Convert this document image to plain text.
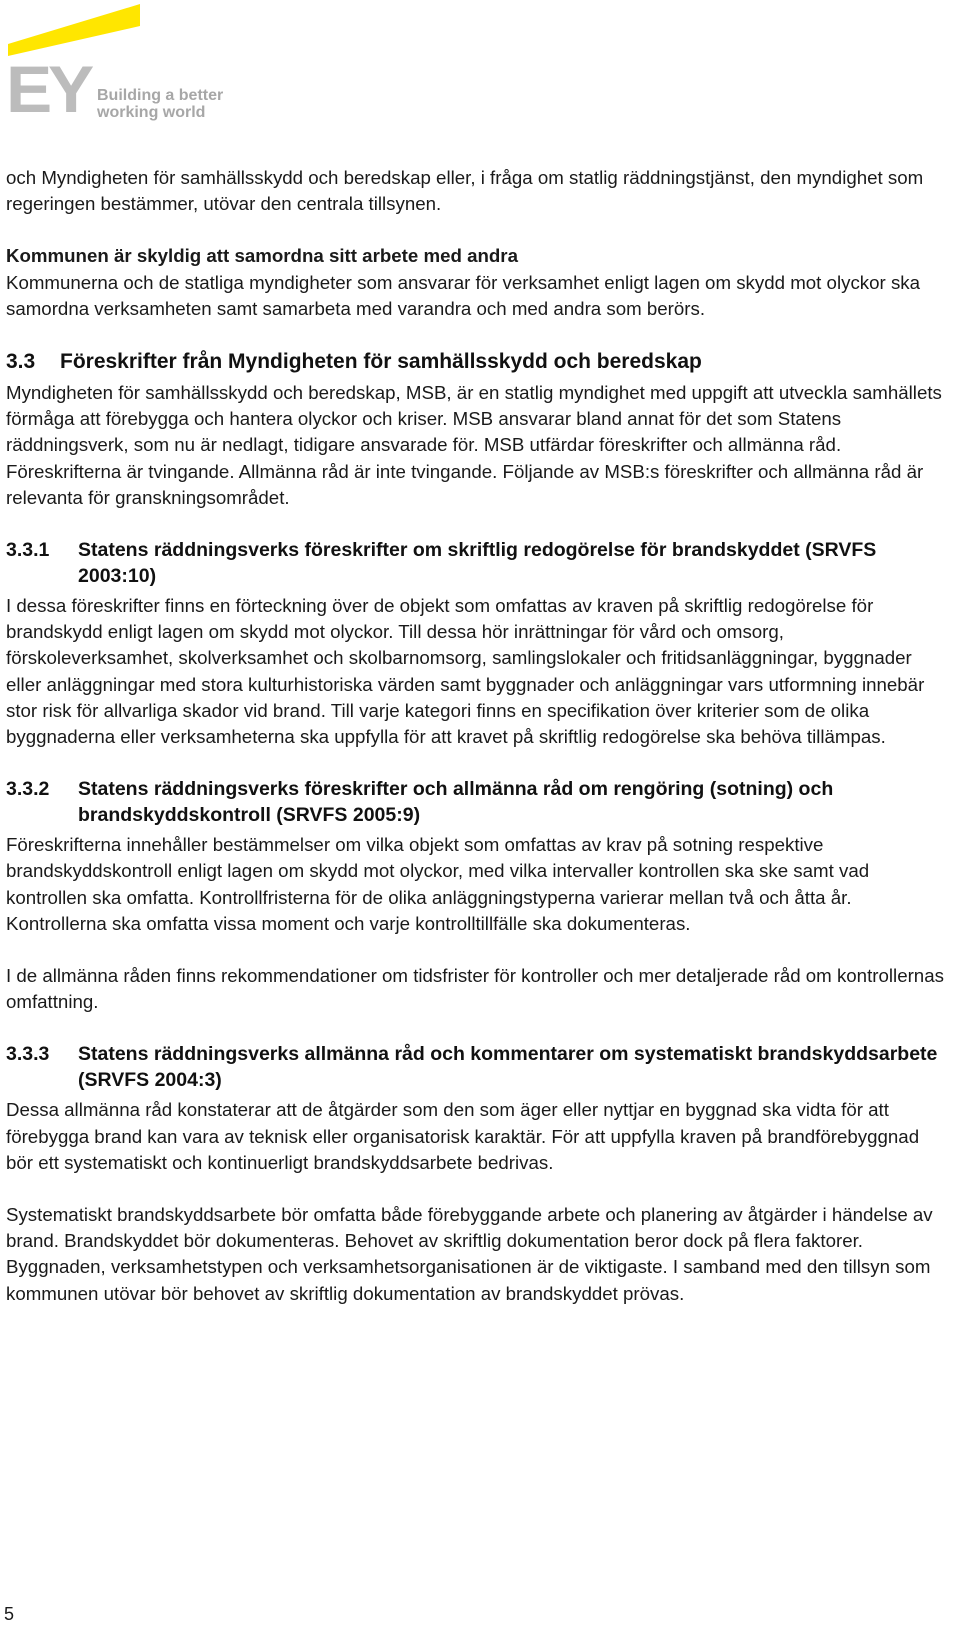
EY Building a better
working world

och Myndigheten för samhällsskydd och beredskap eller, i fråga om statlig räddningstjänst, den myndighet som regeringen bestämmer, utövar den centrala tillsynen.

Kommunen är skyldig att samordna sitt arbete med andra

Kommunerna och de statliga myndigheter som ansvarar för verksamhet enligt lagen om skydd mot olyckor ska samordna verksamheten samt samarbeta med varandra och med andra som berörs.

3.3	Föreskrifter från Myndigheten för samhällsskydd och beredskap

Myndigheten för samhällsskydd och beredskap, MSB, är en statlig myndighet med uppgift att utveckla samhällets förmåga att förebygga och hantera olyckor och kriser. MSB ansvarar bland annat för det som Statens räddningsverk, som nu är nedlagt, tidigare ansvarade för. MSB utfärdar föreskrifter och allmänna råd. Föreskrifterna är tvingande. Allmänna råd är inte tvingande. Följande av MSB:s föreskrifter och allmänna råd är relevanta för granskningsområdet.

3.3.1	Statens räddningsverks föreskrifter om skriftlig redogörelse för brandskyddet (SRVFS 2003:10)

I dessa föreskrifter finns en förteckning över de objekt som omfattas av kraven på skriftlig redogörelse för brandskydd enligt lagen om skydd mot olyckor. Till dessa hör inrättningar för vård och omsorg, förskoleverksamhet, skolverksamhet och skolbarnomsorg, samlingslokaler och fritidsanläggningar, byggnader eller anläggningar med stora kulturhistoriska värden samt byggnader och anläggningar vars utformning innebär stor risk för allvarliga skador vid brand. Till varje kategori finns en specifikation över kriterier som de olika byggnaderna eller verksamheterna ska uppfylla för att kravet på skriftlig redogörelse ska behöva tillämpas.

3.3.2	Statens räddningsverks föreskrifter och allmänna råd om rengöring (sotning) och brandskyddskontroll (SRVFS 2005:9)

Föreskrifterna innehåller bestämmelser om vilka objekt som omfattas av krav på sotning respektive brandskyddskontroll enligt lagen om skydd mot olyckor, med vilka intervaller kontrollen ska ske samt vad kontrollen ska omfatta. Kontrollfristerna för de olika anläggningstyperna varierar mellan två och åtta år. Kontrollerna ska omfatta vissa moment och varje kontrolltillfälle ska dokumenteras.

I de allmänna råden finns rekommendationer om tidsfrister för kontroller och mer detaljerade råd om kontrollernas omfattning.

3.3.3	Statens räddningsverks allmänna råd och kommentarer om systematiskt brandskyddsarbete (SRVFS 2004:3)

Dessa allmänna råd konstaterar att de åtgärder som den som äger eller nyttjar en byggnad ska vidta för att förebygga brand kan vara av teknisk eller organisatorisk karaktär. För att uppfylla kraven på brandförebyggnad bör ett systematiskt och kontinuerligt brandskyddsarbete bedrivas.

Systematiskt brandskyddsarbete bör omfatta både förebyggande arbete och planering av åtgärder i händelse av brand. Brandskyddet bör dokumenteras. Behovet av skriftlig dokumentation beror dock på flera faktorer. Byggnaden, verksamhetstypen och verksamhetsorganisationen är de viktigaste. I samband med den tillsyn som kommunen utövar bör behovet av skriftlig dokumentation av brandskyddet prövas.

5
